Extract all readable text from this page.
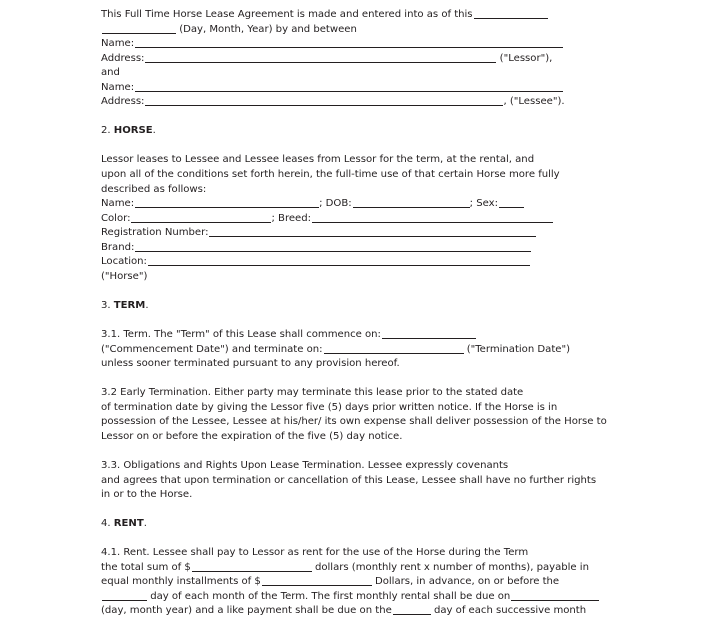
This Full Time Horse Lease Agreement is made and entered into as of this

(Day, Month, Year) by and between

Name:

Address:	("Lessor"),

and

Name:

Address:	, ("Lessee").

2. HORSE.

Lessor leases to Lessee and Lessee leases from Lessor for the term, at the rental, and

upon all of the conditions set forth herein, the full-time use of that certain Horse more fully

described as follows:

Name:	; DOB:	; Sex:

Color:	; Breed:

Registration Number:

Brand:

Location:

("Horse")

3. TERM.

3.1. Term. The "Term" of this Lease shall commence on:

("Commencement Date") and terminate on:	("Termination Date")

unless sooner terminated pursuant to any provision hereof.

3.2 Early Termination. Either party may terminate this lease prior to the stated date

of termination date by giving the Lessor five (5) days prior written notice. If the Horse is in

possession of the Lessee, Lessee at his/her/ its own expense shall deliver possession of the Horse to

Lessor on or before the expiration of the five (5) day notice.

3.3. Obligations and Rights Upon Lease Termination. Lessee expressly covenants

and agrees that upon termination or cancellation of this Lease, Lessee shall have no further rights

in or to the Horse.

4. RENT.

4.1. Rent. Lessee shall pay to Lessor as rent for the use of the Horse during the Term

the total sum of $	dollars (monthly rent x number of months), payable in

equal monthly installments of $	Dollars, in advance, on or before the

day of each month of the Term. The first monthly rental shall be due on

(day, month year) and a like payment shall be due on the	day of each successive month
